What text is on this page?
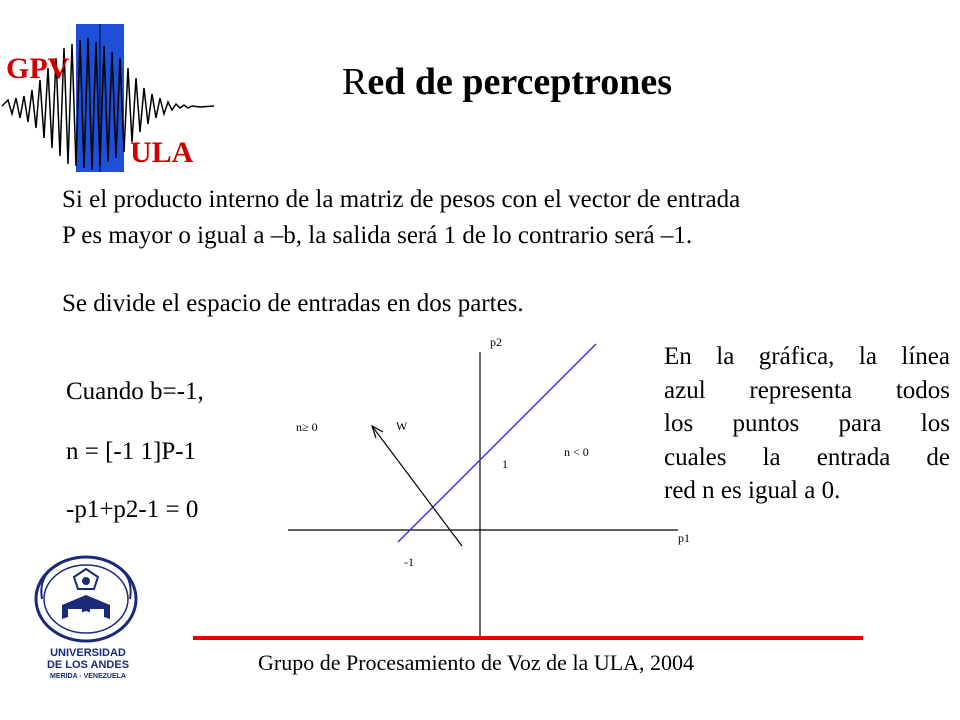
GPV
ULA
Red de perceptrones
Si el producto interno de la matriz de pesos con el vector de entrada
P es mayor o igual a –b, la salida será 1 de lo contrario será –1.
Se divide el espacio de entradas en dos partes.
Cuando b=-1,
n = [-1 1]P-1
-p1+p2-1 = 0
p2
p1
W
n≥ 0
n < 0
1
-1
En la gráfica, la línea
azul representa todos
los puntos para los
cuales la entrada de
red n es igual a 0.
UNIVERSIDAD
DE LOS ANDES
MERIDA - VENEZUELA
Grupo de Procesamiento de Voz de la ULA, 2004
